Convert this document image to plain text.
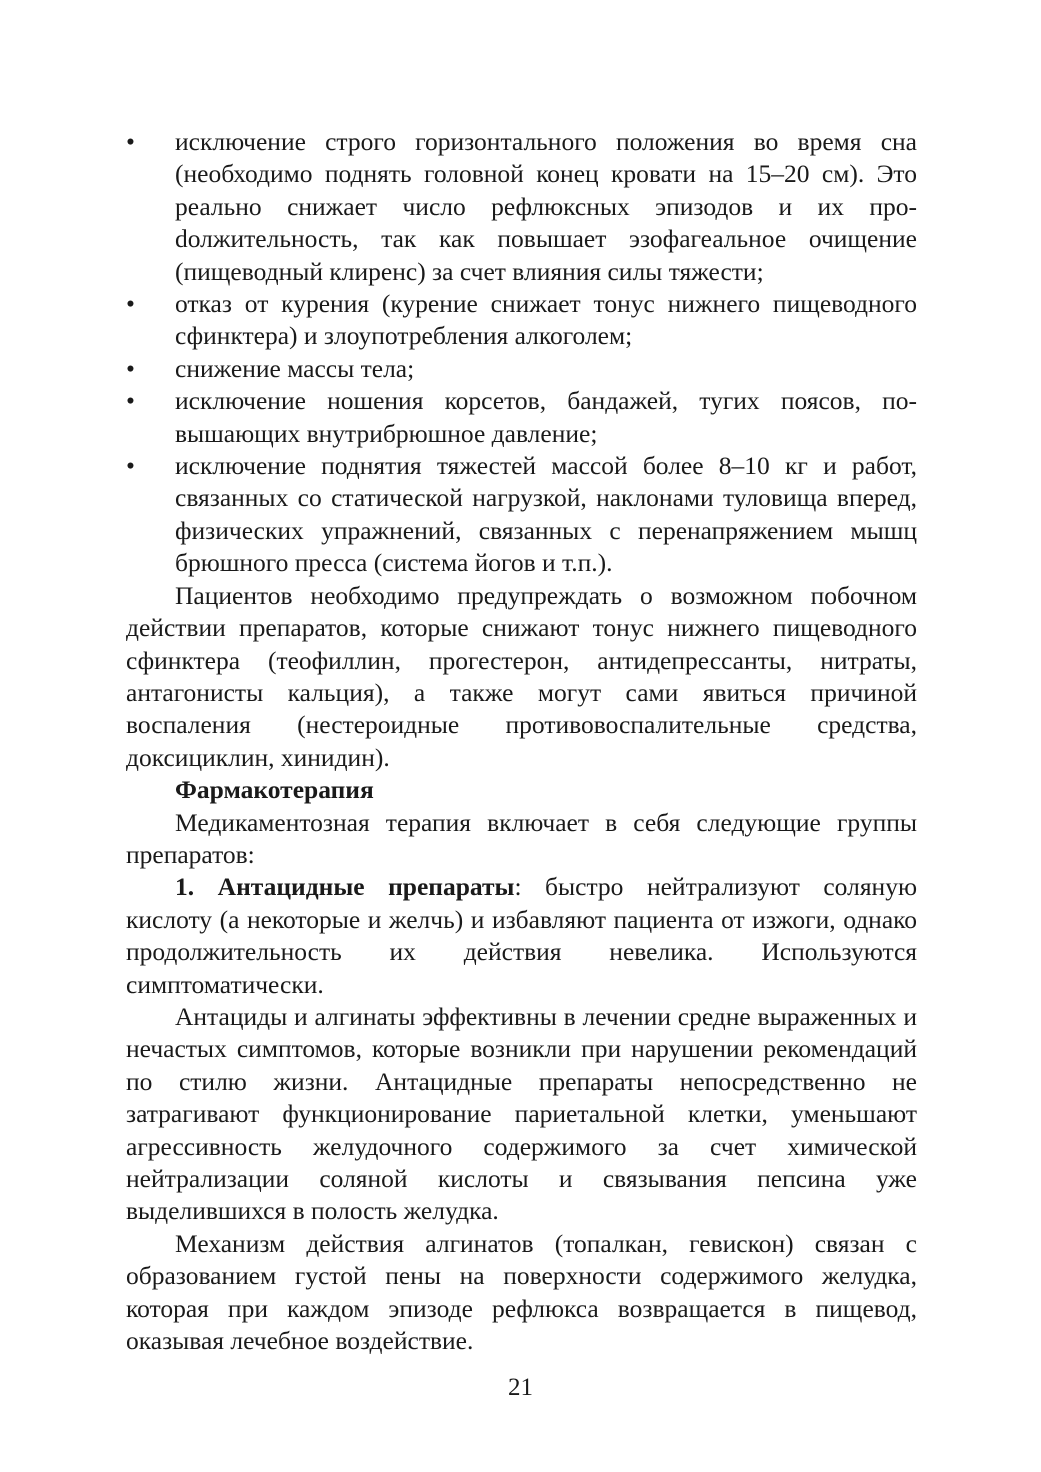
•	исключение строго горизонтального положения во время сна (необходимо поднять головной конец кровати на 15–20 см). Это реально снижает число рефлюксных эпизодов и их проdолжительность, так как повышает эзофагеальное очищение (пищеводный клиренс) за счет влияния силы тяжести;
•	отказ от курения (курение снижает тонус нижнего пищеводного сфинктера) и злоупотребления алкоголем;
•	снижение массы тела;
•	исключение ношения корсетов, бандажей, тугих поясов, повышающих внутрибрюшное давление;
•	исключение поднятия тяжестей массой более 8–10 кг и работ, связанных со статической нагрузкой, наклонами туловища вперед, физических упражнений, связанных с перенапряжением мышц брюшного пресса (система йогов и т.п.).

Пациентов необходимо предупреждать о возможном побочном действии препаратов, которые снижают тонус нижнего пищеводного сфинктера (теофиллин, прогестерон, антидепрессанты, нитраты, антагонисты кальция), а также могут сами явиться причиной воспаления (нестероидные противовоспалительные средства, доксициклин, хинидин).

Фармакотерапия

Медикаментозная терапия включает в себя следующие группы препаратов:

1. Антацидные препараты: быстро нейтрализуют соляную кислоту (а некоторые и желчь) и избавляют пациента от изжоги, однако продолжительность их действия невелика. Используются симптоматически.

Антациды и алгинаты эффективны в лечении средне выраженных и нечастых симптомов, которые возникли при нарушении рекомендаций по стилю жизни. Антацидные препараты непосредственно не затрагивают функционирование париетальной клетки, уменьшают агрессивность желудочного содержимого за счет химической нейтрализации соляной кислоты и связывания пепсина уже выделившихся в полость желудка.

Механизм действия алгинатов (топалкан, гевискон) связан с образованием густой пены на поверхности содержимого желудка, которая при каждом эпизоде рефлюкса возвращается в пищевод, оказывая лечебное воздействие.

21
